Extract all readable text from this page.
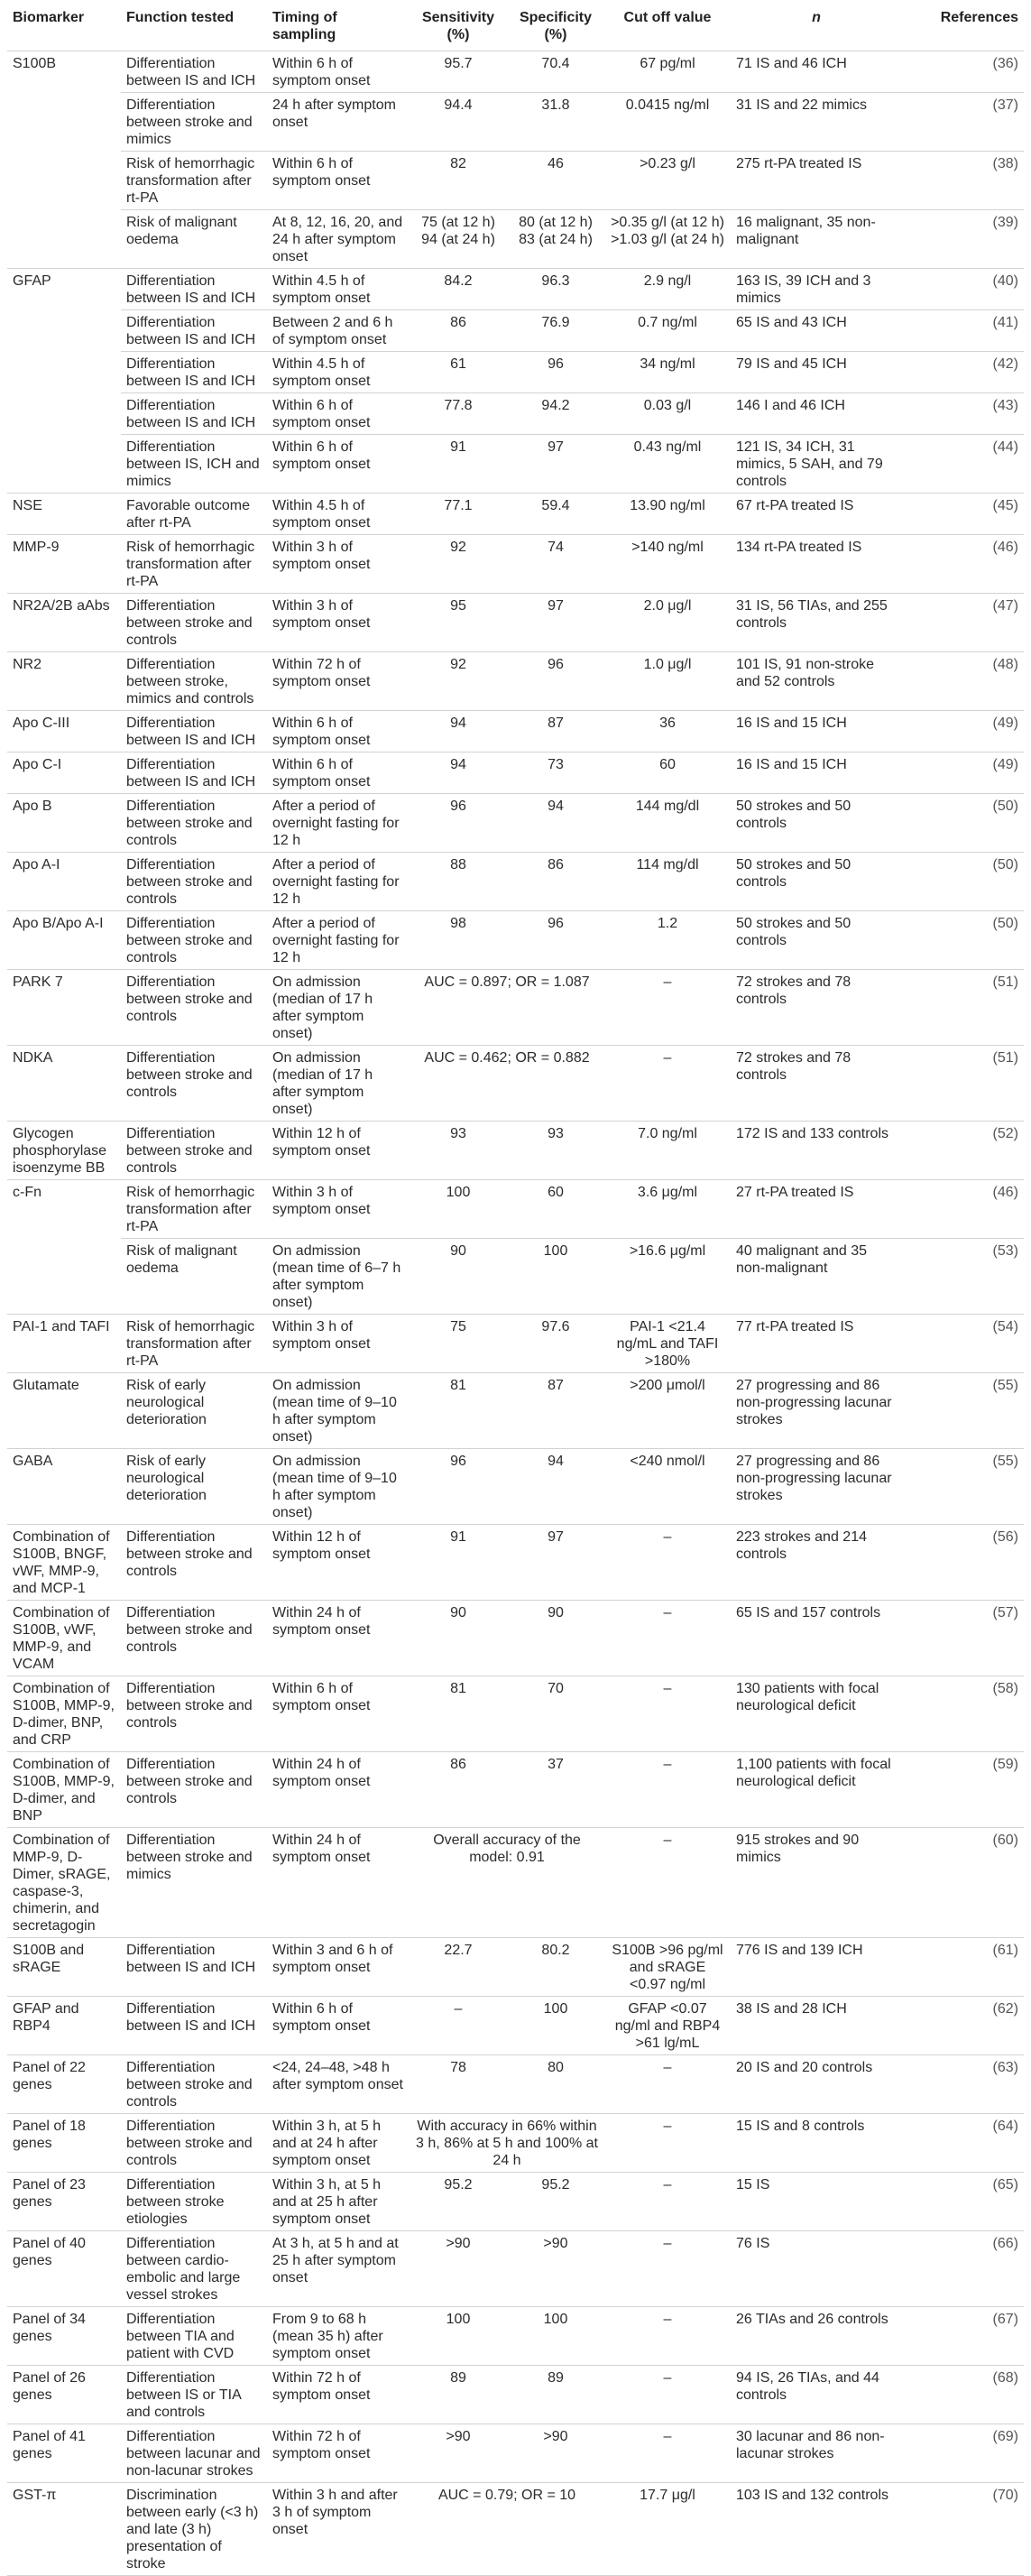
Biomarker	Function tested	Timing of sampling	Sensitivity (%)	Specificity (%)	Cut off value	n	References
S100B	Differentiation between IS and ICH	Within 6 h of symptom onset	95.7	70.4	67 pg/ml	71 IS and 46 ICH	(36)
	Differentiation between stroke and mimics	24 h after symptom onset	94.4	31.8	0.0415 ng/ml	31 IS and 22 mimics	(37)
	Risk of hemorrhagic transformation after rt-PA	Within 6 h of symptom onset	82	46	>0.23 g/l	275 rt-PA treated IS	(38)
	Risk of malignant oedema	At 8, 12, 16, 20, and 24 h after symptom onset	75 (at 12 h) 94 (at 24 h)	80 (at 12 h) 83 (at 24 h)	>0.35 g/l (at 12 h) >1.03 g/l (at 24 h)	16 malignant, 35 non-malignant	(39)
GFAP	Differentiation between IS and ICH	Within 4.5 h of symptom onset	84.2	96.3	2.9 ng/l	163 IS, 39 ICH and 3 mimics	(40)
	Differentiation between IS and ICH	Between 2 and 6 h of symptom onset	86	76.9	0.7 ng/ml	65 IS and 43 ICH	(41)
	Differentiation between IS and ICH	Within 4.5 h of symptom onset	61	96	34 ng/ml	79 IS and 45 ICH	(42)
	Differentiation between IS and ICH	Within 6 h of symptom onset	77.8	94.2	0.03 g/l	146 I and 46 ICH	(43)
	Differentiation between IS, ICH and mimics	Within 6 h of symptom onset	91	97	0.43 ng/ml	121 IS, 34 ICH, 31 mimics, 5 SAH, and 79 controls	(44)
NSE	Favorable outcome after rt-PA	Within 4.5 h of symptom onset	77.1	59.4	13.90 ng/ml	67 rt-PA treated IS	(45)
MMP-9	Risk of hemorrhagic transformation after rt-PA	Within 3 h of symptom onset	92	74	>140 ng/ml	134 rt-PA treated IS	(46)
NR2A/2B aAbs	Differentiation between stroke and controls	Within 3 h of symptom onset	95	97	2.0 μg/l	31 IS, 56 TIAs, and 255 controls	(47)
NR2	Differentiation between stroke, mimics and controls	Within 72 h of symptom onset	92	96	1.0 μg/l	101 IS, 91 non-stroke and 52 controls	(48)
Apo C-III	Differentiation between IS and ICH	Within 6 h of symptom onset	94	87	36	16 IS and 15 ICH	(49)
Apo C-I	Differentiation between IS and ICH	Within 6 h of symptom onset	94	73	60	16 IS and 15 ICH	(49)
Apo B	Differentiation between stroke and controls	After a period of overnight fasting for 12 h	96	94	144 mg/dl	50 strokes and 50 controls	(50)
Apo A-I	Differentiation between stroke and controls	After a period of overnight fasting for 12 h	88	86	114 mg/dl	50 strokes and 50 controls	(50)
Apo B/Apo A-I	Differentiation between stroke and controls	After a period of overnight fasting for 12 h	98	96	1.2	50 strokes and 50 controls	(50)
PARK 7	Differentiation between stroke and controls	On admission (median of 17 h after symptom onset)	AUC = 0.897; OR = 1.087		–	72 strokes and 78 controls	(51)
NDKA	Differentiation between stroke and controls	On admission (median of 17 h after symptom onset)	AUC = 0.462; OR = 0.882		–	72 strokes and 78 controls	(51)
Glycogen phosphorylase isoenzyme BB	Differentiation between stroke and controls	Within 12 h of symptom onset	93	93	7.0 ng/ml	172 IS and 133 controls	(52)
c-Fn	Risk of hemorrhagic transformation after rt-PA	Within 3 h of symptom onset	100	60	3.6 μg/ml	27 rt-PA treated IS	(46)
	Risk of malignant oedema	On admission (mean time of 6–7 h after symptom onset)	90	100	>16.6 μg/ml	40 malignant and 35 non-malignant	(53)
PAI-1 and TAFI	Risk of hemorrhagic transformation after rt-PA	Within 3 h of symptom onset	75	97.6	PAI-1 <21.4 ng/mL and TAFI >180%	77 rt-PA treated IS	(54)
Glutamate	Risk of early neurological deterioration	On admission (mean time of 9–10 h after symptom onset)	81	87	>200 μmol/l	27 progressing and 86 non-progressing lacunar strokes	(55)
GABA	Risk of early neurological deterioration	On admission (mean time of 9–10 h after symptom onset)	96	94	<240 nmol/l	27 progressing and 86 non-progressing lacunar strokes	(55)
Combination of S100B, BNGF, vWF, MMP-9, and MCP-1	Differentiation between stroke and controls	Within 12 h of symptom onset	91	97	–	223 strokes and 214 controls	(56)
Combination of S100B, vWF, MMP-9, and VCAM	Differentiation between stroke and controls	Within 24 h of symptom onset	90	90	–	65 IS and 157 controls	(57)
Combination of S100B, MMP-9, D-dimer, BNP, and CRP	Differentiation between stroke and controls	Within 6 h of symptom onset	81	70	–	130 patients with focal neurological deficit	(58)
Combination of S100B, MMP-9, D-dimer, and BNP	Differentiation between stroke and controls	Within 24 h of symptom onset	86	37	–	1,100 patients with focal neurological deficit	(59)
Combination of MMP-9, D-Dimer, sRAGE, caspase-3, chimerin, and secretagogin	Differentiation between stroke and mimics	Within 24 h of symptom onset	Overall accuracy of the model: 0.91		–	915 strokes and 90 mimics	(60)
S100B and sRAGE	Differentiation between IS and ICH	Within 3 and 6 h of symptom onset	22.7	80.2	S100B >96 pg/ml and sRAGE <0.97 ng/ml	776 IS and 139 ICH	(61)
GFAP and RBP4	Differentiation between IS and ICH	Within 6 h of symptom onset	–	100	GFAP <0.07 ng/ml and RBP4 >61 lg/mL	38 IS and 28 ICH	(62)
Panel of 22 genes	Differentiation between stroke and controls	<24, 24–48, >48 h after symptom onset	78	80	–	20 IS and 20 controls	(63)
Panel of 18 genes	Differentiation between stroke and controls	Within 3 h, at 5 h and at 24 h after symptom onset	With accuracy in 66% within 3 h, 86% at 5 h and 100% at 24 h		–	15 IS and 8 controls	(64)
Panel of 23 genes	Differentiation between stroke etiologies	Within 3 h, at 5 h and at 25 h after symptom onset	95.2	95.2	–	15 IS	(65)
Panel of 40 genes	Differentiation between cardio-embolic and large vessel strokes	At 3 h, at 5 h and at 25 h after symptom onset	>90	>90	–	76 IS	(66)
Panel of 34 genes	Differentiation between TIA and patient with CVD	From 9 to 68 h (mean 35 h) after symptom onset	100	100	–	26 TIAs and 26 controls	(67)
Panel of 26 genes	Differentiation between IS or TIA and controls	Within 72 h of symptom onset	89	89	–	94 IS, 26 TIAs, and 44 controls	(68)
Panel of 41 genes	Differentiation between lacunar and non-lacunar strokes	Within 72 h of symptom onset	>90	>90	–	30 lacunar and 86 non-lacunar strokes	(69)
GST-π	Discrimination between early (<3 h) and late (3 h) presentation of stroke	Within 3 h and after 3 h of symptom onset	AUC = 0.79; OR = 10		17.7 μg/l	103 IS and 132 controls	(70)
